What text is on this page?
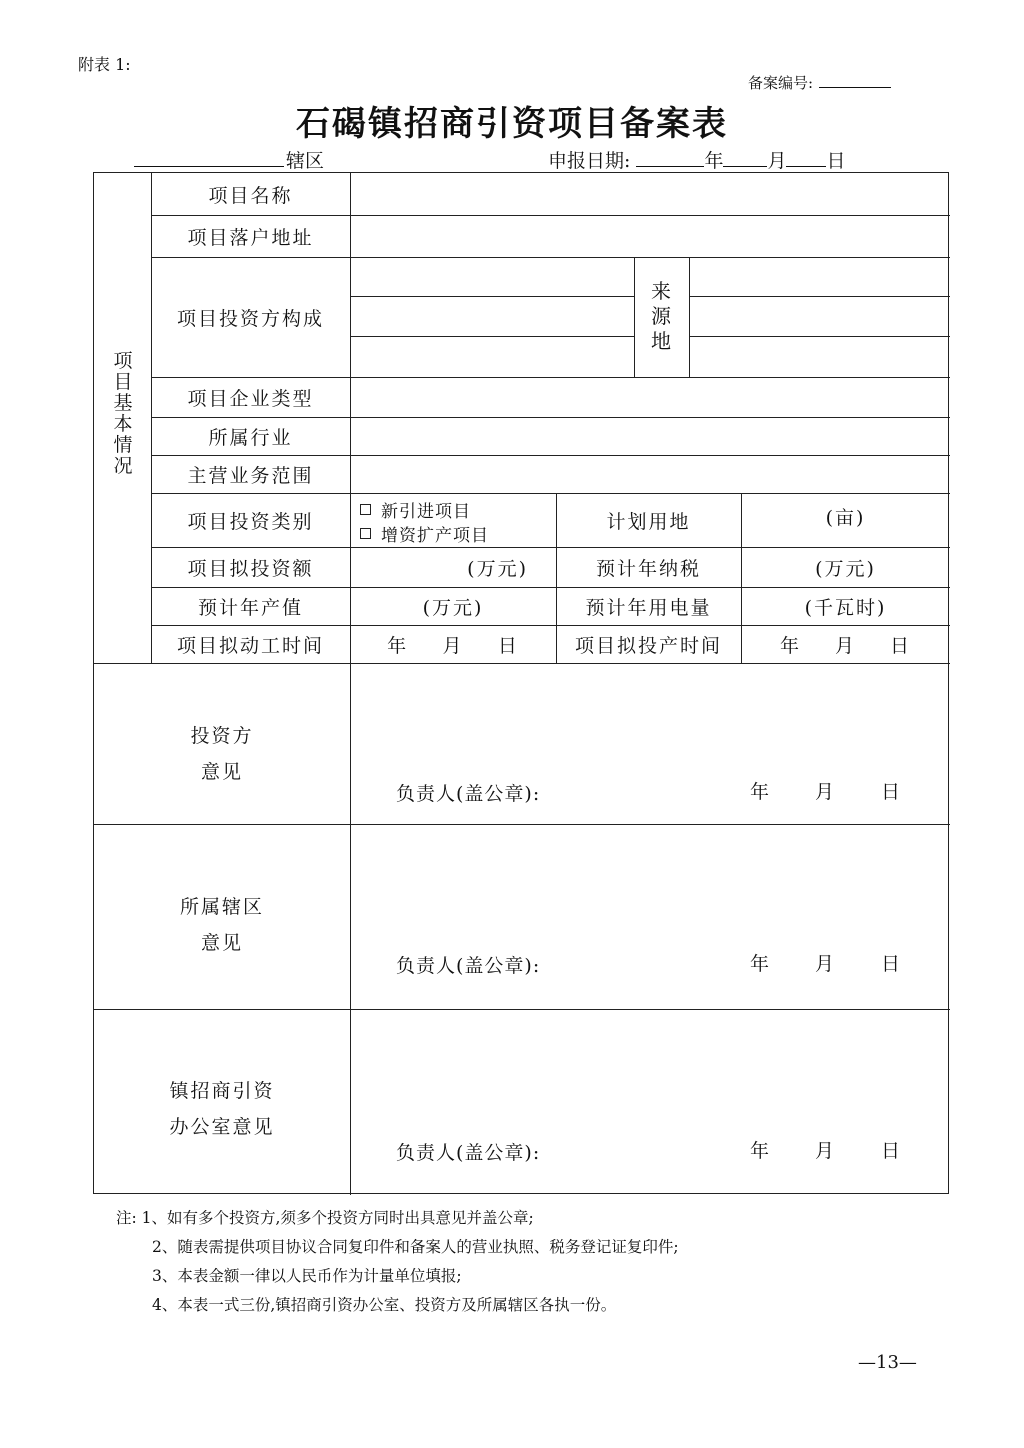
附表 1:
备案编号:
石碣镇招商引资项目备案表
辖区	申报日期:	年 月 日
项
目
基
本
情
况
项目名称
项目落户地址
项目投资方构成
来
源
地
项目企业类型
所属行业
主营业务范围
项目投资类别	新引进项目
增资扩产项目
计划用地	(亩)
项目拟投资额	(万元)	预计年纳税	(万元)
预计年产值	(万元)	预计年用电量	(千瓦时)
项目拟动工时间	年 月 日	项目拟投产时间	年 月 日
投资方
意见
负责人(盖公章):	年 月 日
所属辖区
意见
负责人(盖公章):	年 月 日
镇招商引资
办公室意见
负责人(盖公章):	年 月 日
注: 1、如有多个投资方,须多个投资方同时出具意见并盖公章;
2、随表需提供项目协议合同复印件和备案人的营业执照、税务登记证复印件;
3、本表金额一律以人民币作为计量单位填报;
4、本表一式三份,镇招商引资办公室、投资方及所属辖区各执一份。
—13—
